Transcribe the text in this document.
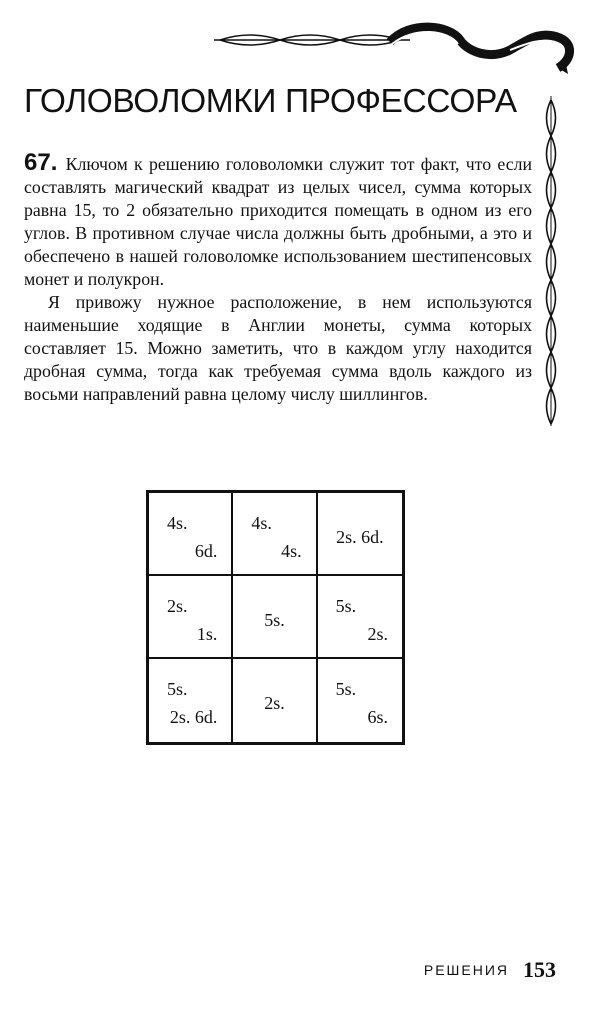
ГОЛОВОЛОМКИ ПРОФЕССОРА

67. Ключом к решению головоломки служит тот факт, что если составлять магический квадрат из целых чисел, сумма которых равна 15, то 2 обязательно приходится помещать в одном из его углов. В противном случае числа должны быть дробными, а это и обеспечено в нашей головоломке использованием шестипенсовых монет и полукрон.

Я привожу нужное расположение, в нем используются наименьшие ходящие в Англии монеты, сумма которых составляет 15. Можно заметить, что в каждом углу находится дробная сумма, тогда как требуемая сумма вдоль каждого из восьми направлений равна целому числу шиллингов.

4s.
6d.
4s.
4s.
2s. 6d.
2s.
1s.
5s.
5s.
2s.
5s.
2s. 6d.
2s.
5s.
6s.
РЕШЕНИЯ 153
